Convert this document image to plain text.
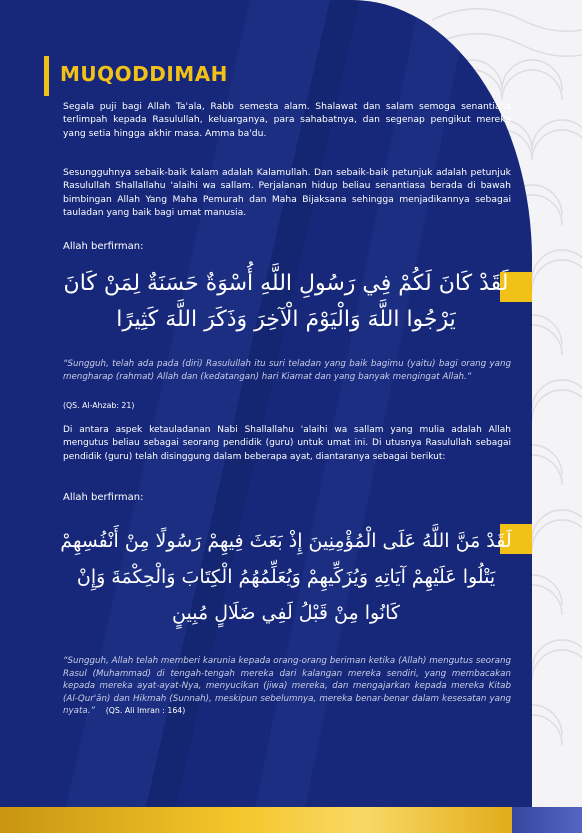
MUQODDIMAH

Segala puji bagi Allah Ta'ala, Rabb semesta alam. Shalawat dan salam semoga senantiasa terlimpah kepada Rasulullah, keluarganya, para sahabatnya, dan segenap pengikut mereka yang setia hingga akhir masa. Amma ba'du.

Sesungguhnya sebaik-baik kalam adalah Kalamullah. Dan sebaik-baik petunjuk adalah petunjuk Rasulullah Shallallahu 'alaihi wa sallam. Perjalanan hidup beliau senantiasa berada di bawah bimbingan Allah Yang Maha Pemurah dan Maha Bijaksana sehingga menjadikannya sebagai tauladan yang baik bagi umat manusia.

Allah berfirman:
لَقَدْ كَانَ لَكُمْ فِي رَسُولِ اللَّهِ أُسْوَةٌ حَسَنَةٌ لِمَنْ كَانَ يَرْجُوا اللَّهَ وَالْيَوْمَ الْآخِرَ وَذَكَرَ اللَّهَ كَثِيرًا

“Sungguh, telah ada pada (diri) Rasulullah itu suri teladan yang baik bagimu (yaitu) bagi orang yang mengharap (rahmat) Allah dan (kedatangan) hari Kiamat dan yang banyak mengingat Allah.”

(QS. Al-Ahzab: 21)

Di antara aspek ketauladanan Nabi Shallallahu 'alaihi wa sallam yang mulia adalah Allah mengutus beliau sebagai seorang pendidik (guru) untuk umat ini. Di utusnya Rasulullah sebagai pendidik (guru) telah disinggung dalam beberapa ayat, diantaranya sebagai berikut:

Allah berfirman:
لَقَدْ مَنَّ اللَّهُ عَلَى الْمُؤْمِنِينَ إِذْ بَعَثَ فِيهِمْ رَسُولًا مِنْ أَنْفُسِهِمْ يَتْلُوا عَلَيْهِمْ آيَاتِهِ وَيُزَكِّيهِمْ وَيُعَلِّمُهُمُ الْكِتَابَ وَالْحِكْمَةَ وَإِنْ كَانُوا مِنْ قَبْلُ لَفِي ضَلَالٍ مُبِينٍ

“Sungguh, Allah telah memberi karunia kepada orang-orang beriman ketika (Allah) mengutus seorang Rasul (Muhammad) di tengah-tengah mereka dari kalangan mereka sendiri, yang membacakan kepada mereka ayat-ayat-Nya, menyucikan (jiwa) mereka, dan mengajarkan kepada mereka Kitab (Al-Qur'ān) dan Hikmah (Sunnah), meskipun sebelumnya, mereka benar-benar dalam kesesatan yang nyata.” (QS. Ali Imran : 164)
